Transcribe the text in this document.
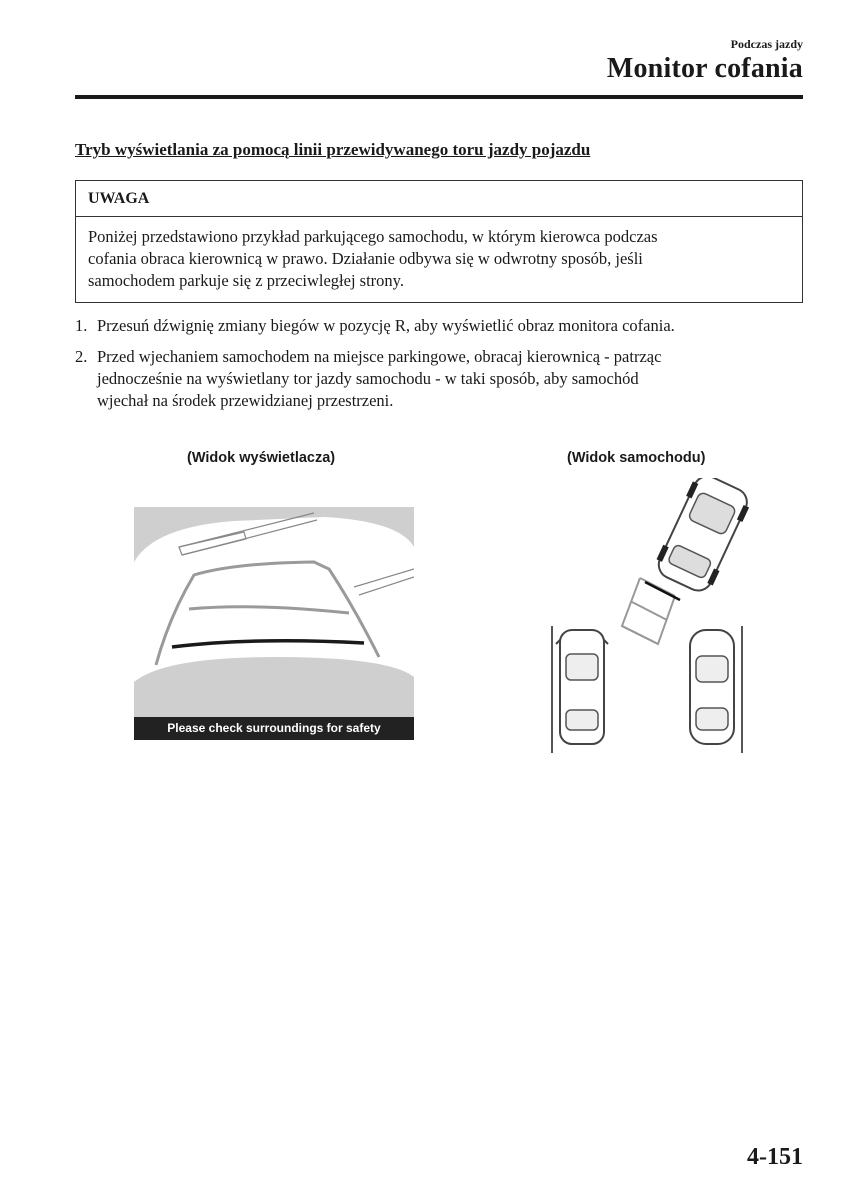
Podczas jazdy
Monitor cofania
Tryb wyświetlania za pomocą linii przewidywanego toru jazdy pojazdu
UWAGA
Poniżej przedstawiono przykład parkującego samochodu, w którym kierowca podczas
cofania obraca kierownicą w prawo. Działanie odbywa się w odwrotny sposób, jeśli
samochodem parkuje się z przeciwległej strony.
1. Przesuń dźwignię zmiany biegów w pozycję R, aby wyświetlić obraz monitora cofania.
2. Przed wjechaniem samochodem na miejsce parkingowe, obracaj kierownicą - patrząc
jednocześnie na wyświetlany tor jazdy samochodu - w taki sposób, aby samochód
wjechał na środek przewidzianej przestrzeni.
(Widok wyświetlacza)	(Widok samochodu)
Please check surroundings for safety
4-151
